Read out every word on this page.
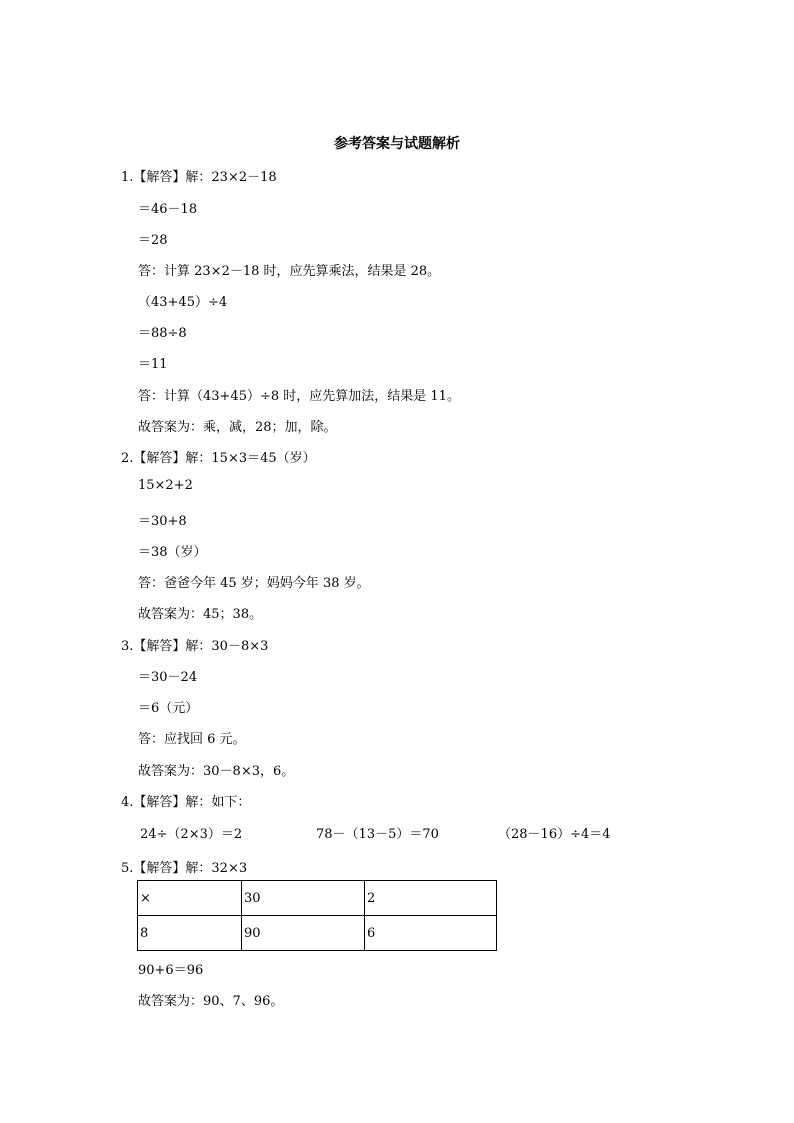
参考答案与试题解析
1.【解答】解：23×2－18
＝46－18
＝28
答：计算 23×2－18 时，应先算乘法，结果是 28。
（43+45）÷4
＝88÷8
＝11
答：计算（43+45）÷8 时，应先算加法，结果是 11。
故答案为：乘，减，28；加，除。
2.【解答】解：15×3＝45（岁）
15×2+2
＝30+8
＝38（岁）
答：爸爸今年 45 岁；妈妈今年 38 岁。
故答案为：45；38。
3.【解答】解：30－8×3
＝30－24
＝6（元）
答：应找回 6 元。
故答案为：30－8×3，6。
4.【解答】解：如下：
24÷（2×3）＝2	78－（13－5）＝70	（28－16）÷4＝4
5.【解答】解：32×3
×	30	2
8	90	6
90+6＝96
故答案为：90、7、96。
